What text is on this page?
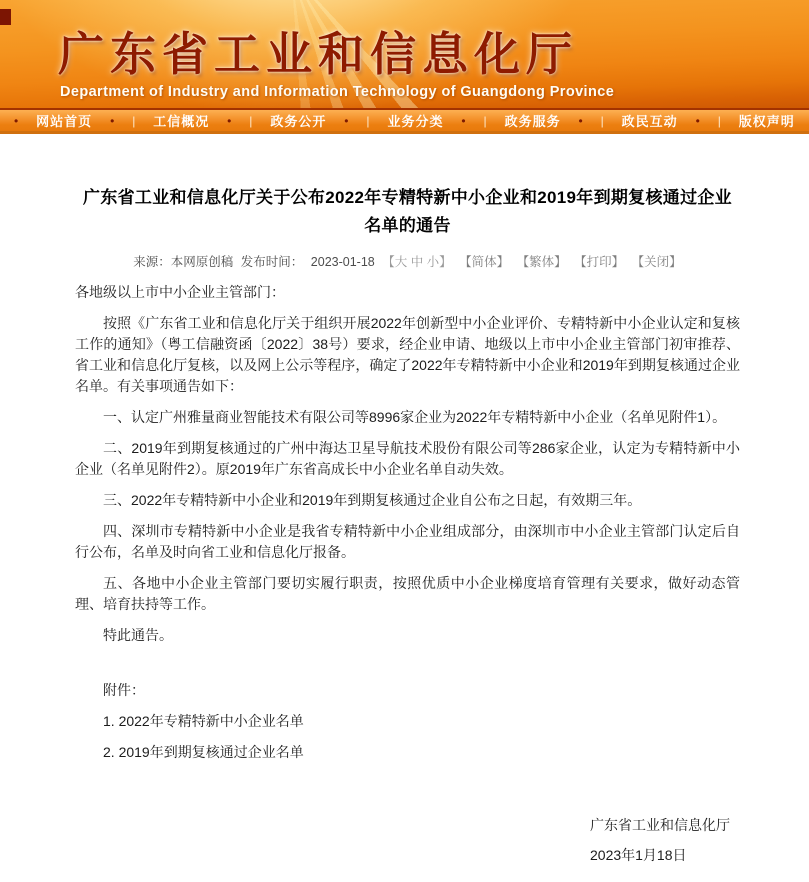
广东省工业和信息化厅
Department of Industry and Information Technology of Guangdong Province
• 网站首页 • | 工信概况 • | 政务公开 • | 业务分类 • | 政务服务 • | 政民互动 • | 版权声明
广东省工业和信息化厅关于公布2022年专精特新中小企业和2019年到期复核通过企业名单的通告
来源：本网原创稿 发布时间： 2023-01-18 【大 中 小】 【简体】 【繁体】 【打印】 【关闭】

各地级以上市中小企业主管部门：

按照《广东省工业和信息化厅关于组织开展2022年创新型中小企业评价、专精特新中小企业认定和复核工作的通知》（粤工信融资函〔2022〕38号）要求，经企业申请、地级以上市中小企业主管部门初审推荐、省工业和信息化厅复核，以及网上公示等程序，确定了2022年专精特新中小企业和2019年到期复核通过企业名单。有关事项通告如下：

一、认定广州雅量商业智能技术有限公司等8996家企业为2022年专精特新中小企业（名单见附件1）。

二、2019年到期复核通过的广州中海达卫星导航技术股份有限公司等286家企业，认定为专精特新中小企业（名单见附件2）。原2019年广东省高成长中小企业名单自动失效。

三、2022年专精特新中小企业和2019年到期复核通过企业自公布之日起，有效期三年。

四、深圳市专精特新中小企业是我省专精特新中小企业组成部分，由深圳市中小企业主管部门认定后自行公布，名单及时向省工业和信息化厅报备。

五、各地中小企业主管部门要切实履行职责，按照优质中小企业梯度培育管理有关要求，做好动态管理、培育扶持等工作。

特此通告。

附件：

1. 2022年专精特新中小企业名单

2. 2019年到期复核通过企业名单

广东省工业和信息化厅

2023年1月18日
